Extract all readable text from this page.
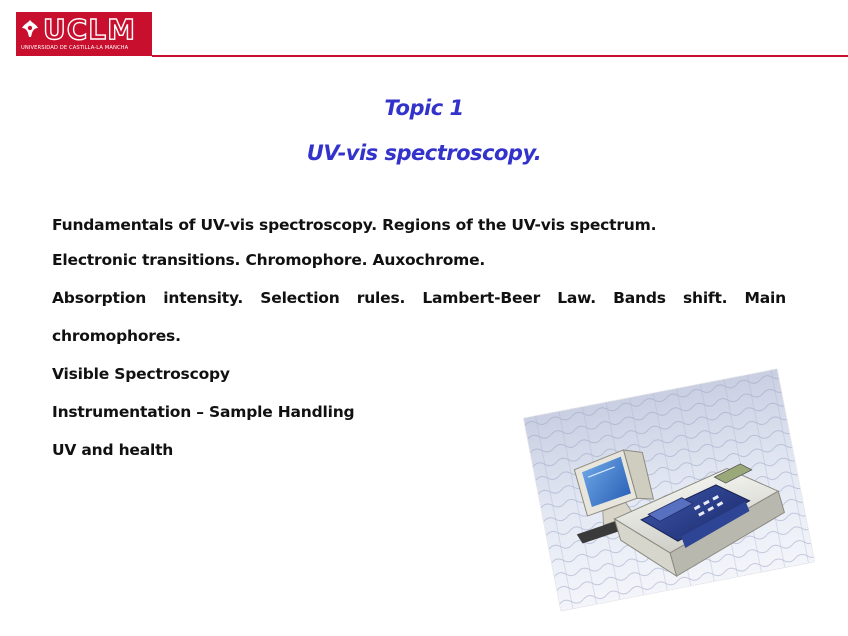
UCLM
UNIVERSIDAD DE CASTILLA-LA MANCHA
Topic 1
UV-vis spectroscopy.
Fundamentals of UV-vis spectroscopy. Regions of the UV-vis spectrum.
Electronic transitions. Chromophore. Auxochrome.
Absorption intensity. Selection rules. Lambert-Beer Law. Bands shift. Main
chromophores.
Visible Spectroscopy
Instrumentation – Sample Handling
UV and health
